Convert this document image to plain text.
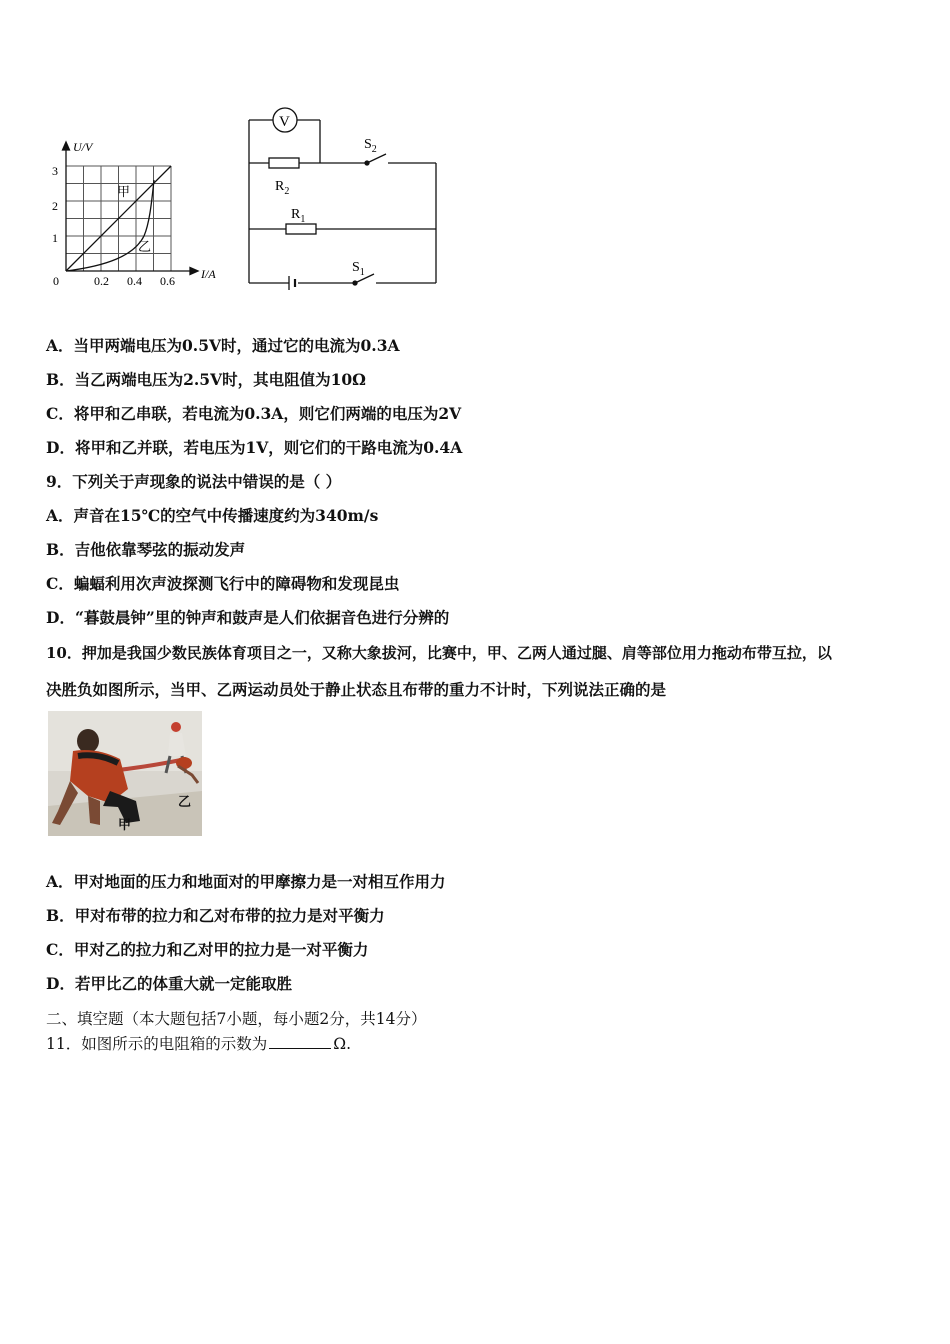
U/V
I/A
0
1
2
3
0.2 0.4 0.6
甲
乙
V
$R_2$
$S_2$
$R_1$
$S_1$
A．当甲两端电压为0.5V时，通过它的电流为0.3A
B．当乙两端电压为2.5V时，其电阻值为10Ω
C．将甲和乙串联，若电流为0.3A，则它们两端的电压为2V
D．将甲和乙并联，若电压为1V，则它们的干路电流为0.4A
9．下列关于声现象的说法中错误的是（ ）
A．声音在15℃的空气中传播速度约为340m/s
B．吉他依靠琴弦的振动发声
C．蝙蝠利用次声波探测飞行中的障碍物和发现昆虫
D．“暮鼓晨钟”里的钟声和鼓声是人们依据音色进行分辨的
10．押加是我国少数民族体育项目之一，又称大象拔河，比赛中，甲、乙两人通过腿、肩等部位用力拖动布带互拉，以
决胜负如图所示，当甲、乙两运动员处于静止状态且布带的重力不计时，下列说法正确的是
乙
甲
A．甲对地面的压力和地面对的甲摩擦力是一对相互作用力
B．甲对布带的拉力和乙对布带的拉力是对平衡力
C．甲对乙的拉力和乙对甲的拉力是一对平衡力
D．若甲比乙的体重大就一定能取胜
二、填空题（本大题包括7小题，每小题2分，共14分）
11．如图所示的电阻箱的示数为	Ω.
